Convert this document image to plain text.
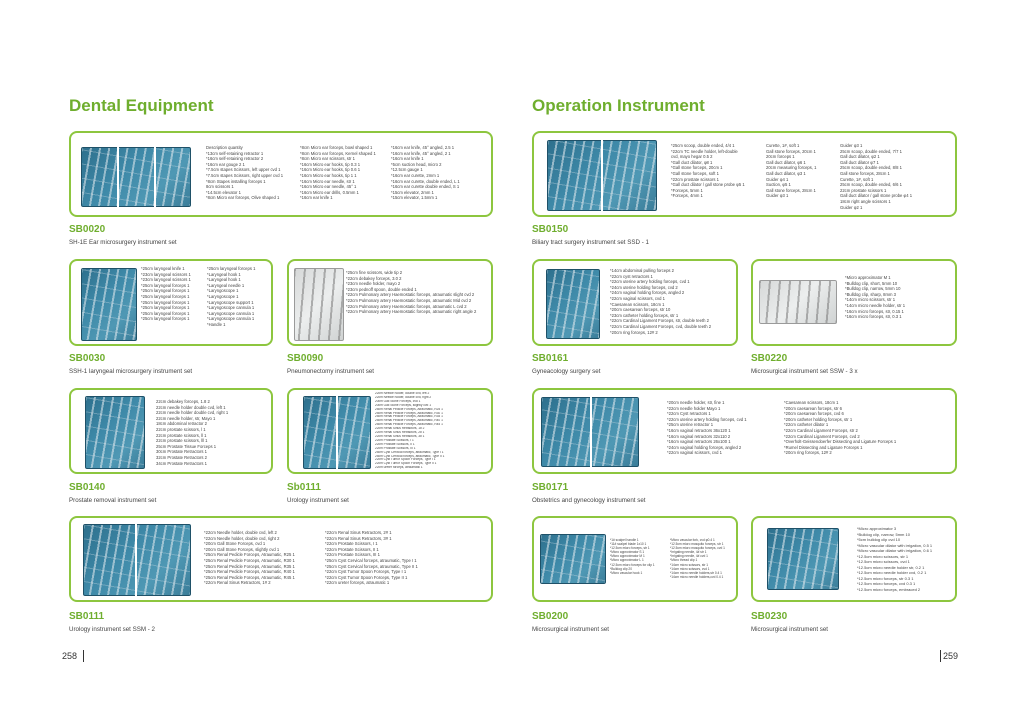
Dental Equipment
Description quantity
*13cm self-retaining retractor 1
*16cm self-retaining retractor 2
*16cm ear gouge 2 1
*7.5cm stapes Scissors, left upper cvd 1
*7.5cm stapes Scissors, right upper cvd 1
*8cm Stapes installing forceps 1
8cm scissors 1
*14.5cm elevator 1
*8cm Micro ear forceps, Olive shaped 1
*8cm Micro ear forceps, bowl shaped 1
*8cm Micro ear forceps, Kernel shaped 1
*8cm Micro ear scissors, str 1
*16cm Micro ear hooks, tip 0.3 1
*16cm Micro ear hooks, tip 0.6 1
*16cm Micro ear hooks, tip 1 1
*16cm Micro ear needle, str 1
*16cm Micro ear needle, 45° 1
*16cm Micro ear drills, 0.5mm 1
*16cm ear knife 1
*16cm ear knife, 45° angled, 2.5 1
*16cm ear knife, 45° angled, 2 1
*16cm ear knife 1
*5cm suction head, micro 2
*12.5cm gauge 1
*16cm ear curette, 2mm 1
*16cm ear curette, double ended, L 1
*16cm ear curette double ended, S 1
*15cm elevator, 2mm 1
*15cm elevator, 1.5mm 1
SB0020
SH-1E Ear microsurgery instrument set
*25cm laryngeal knife 1
*23cm laryngeal scissors 1
*23cm laryngeal scissors 1
*25cm laryngeal forceps 1
*25cm laryngeal forceps 1
*25cm laryngeal forceps 1
*25cm laryngeal forceps 1
*25cm laryngeal forceps 1
*25cm laryngeal forceps 1
*25cm laryngeal forceps 1
*25cm laryngeal forceps 1
*Laryngeal hook 1
*Laryngeal hook 1
*Laryngeal needle 1
*Laryngoscope 1
*Laryngoscope 1
*Laryngoscope support 1
*Laryngoscope cannula 1
*Laryngoscope cannula 1
*Laryngoscope cannula 1
*Handle 1
SB0030
SSH-1 laryngeal microsurgery instrument set
*25cm fine scissors, wide tip 2
*22cm debakey forceps, 3.0 2
*23cm needle holder, mayo 2
*23cm pednoff spoon, double ended 1
*22cm Pulmonary artery Haemostatic forceps, atraumatic slight cvd 2
*22cm Pulmonary artery Haemostatic forceps, atraumatic Mid cvd 2
*22cm Pulmonary artery Haemostatic forceps, atraumatic L cvd 2
*22cm Pulmonary artery Haemostatic forceps, atraumatic right angle 2
SB0090
Pneumonectomy instrument set
22cm debakey forceps, 1.8 2
22cm needle holder double cvd, left 1
22cm needle holder double cvd, right 1
22cm needle holder, str, Mayo 1
18cm abdominal retractor 2
22cm prostate scissors, l 1
22cm prostate scissors, ll 1
22cm prostate scissors, lll 1
25cm Prostate Tissue Forceps 1
30cm Prostate Retractors 1
32cm Prostate Retractors 2
34cm Prostate Retractors 1
SB0140
Prostate removal instrument set
22cm Needle holder, double cvd, left 2
22cm Needle holder, double cvd, right 2
20cm Gall Stone Forceps, cvd 1
20cm Gall Stone Forceps, slightly cvd 1
25cm Renal Pedicle Forceps, Atraumatic, R25 1
25cm Renal Pedicle Forceps, Atraumatic, R30 1
25cm Renal Pedicle Forceps, Atraumatic, R35 1
25cm Renal Pedicle Forceps, Atraumatic, R40 1
25cm Renal Pedicle Forceps, Atraumatic, R45 1
22cm Renal Sinus Retractors, 1# 2
22cm Renal Sinus Retractors, 2# 1
22cm Renal Sinus Retractors, 3# 1
22cm Prostate Scissors, I 1
22cm Prostate Scissors, II 1
22cm Prostate Scissors, III 1
25cm Cyst Cervical forceps, atraumatic, Type I 1
25cm Cyst Cervical forceps, atraumatic, Type II 1
22cm Cyst Tumor Spoon Forceps, Type I 1
22cm Cyst Tumor Spoon Forceps, Type II 1
22cm ureter forceps, atraumatic 1
Sb0111
Urology instrument set
*22cm Needle holder, double cvd, left 2
*22cm Needle holder, double cvd, right 2
*20cm Gall Stone Forceps, cvd 1
*20cm Gall Stone Forceps, slightly cvd 1
*25cm Renal Pedicle Forceps, Atraumatic, R25 1
*25cm Renal Pedicle Forceps, Atraumatic, R30 1
*25cm Renal Pedicle Forceps, Atraumatic, R35 1
*25cm Renal Pedicle Forceps, Atraumatic, R40 1
*25cm Renal Pedicle Forceps, Atraumatic, R45 1
*22cm Renal Sinus Retractors, 1# 2
*22cm Renal Sinus Retractors, 2# 1
*22cm Renal Sinus Retractors, 3# 1
*22cm Prostate Scissors, I 1
*22cm Prostate Scissors, II 1
*22cm Prostate Scissors, III 1
*25cm Cyst Cervical forceps, atraumatic, Type I 1
*25cm Cyst Cervical forceps, atraumatic, Type II 1
*22cm Cyst Tumor Spoon Forceps, Type I 1
*22cm Cyst Tumor Spoon Forceps, Type II 1
*22cm ureter forceps, atraumatic 1
SB0111
Urology instrument set SSM - 2
258
Operation Instrument
*25cm scoop, double ended, 4/4 1
*22cm TC needle holder, left-double
cvd, mayo hegar 0.5 2
*Gall duct dilator, φ8 1
*Gall stone forceps, 20cm 1
*Gall stone forceps, soft 1
*22cm prostate scissors 1
*Gall duct dilator / gall stone probe φ5 1
*Forceps, 5mm 1
*Forceps, 4mm 1
Curette, 1#, soft 1
Gall stone forceps, 20cm 1
20cm forceps 1
Gall duct dilator, φ6 1
20cm measuring forceps, 1
Gall duct dilator, φ3 1
Guider φ4 1
Suction, φ5 1
Gall stone forceps, 28cm 1
Guider φ3 1
Guider φ3 1
25cm scoop, double ended, 7/7 1
Gall duct dilator, φ2 1
Gall duct dilator φ7 1
25cm scoop, double ended, 8/8 1
Gall stone forceps, 28cm 1
Curette, 1#, soft 1
25cm scoop, double ended, 6/6 1
22cm prostate scissors 1
Gall duct dilator / gall stone probe φ4 1
18cm right angle scissors 1
Guider φ2 1
SB0150
Biliary tract surgery instrument set SSD - 1
*14cm abdominal pulling forceps 2
*22cm cyst retractors 1
*22cm uterine artery holding forceps, cvd 1
*24cm uterine holding forceps, cvd 2
*24cm vaginal holding forceps, angled 2
*22cm vaginal scissors, cvd 1
*Caesarean scissors, 18cm 1
*20cm caesarean forceps, str 10
*23cm catheter holding forceps, str 1
*22cm Cardinal Ligament Forceps, str, double teeth 2
*22cm Cardinal Ligament Forceps, cvd, double teeth 2
*20cm ring forceps, 12# 2
SB0161
Gyneacology surgery set
*Micro approximator M 1
*Bulldog clip, short, 5mm 10
*Bulldog clip, narrow, 5mm 10
*Bulldog clip, sharp, 8mm 3
*14cm micro scissors, str 1
*14cm micro needle holder, str 1
*16cm micro forceps, str, 0.15 1
*16cm micro forceps, str, 0.3 1
SB0220
Microsurgical instrument set SSW - 3 x
*20cm needle holder, str, fine 1
*22cm needle holder Mayo 1
*22cm Cyst retractors 1
*22cm uterine artery holding forceps, cvd 1
*25cm uterine retractor 1
*16cm vaginal retractors 36x120 1
*16cm vaginal retractors 32x110 2
*16cm vaginal retractors 26x100 1
*24cm vaginal holding forceps, angled 2
*22cm vaginal scissors, cvd 1
*Caesarean scissors, 18cm 1
*20cm caesarean forceps, str 6
*20cm caesarean forceps, cvd 6
*20cm catheter holding forceps, str 1
*22cm catheter dilator 1
*22cm Cardinal Ligament Forceps, str 2
*22cm Cardinal Ligament Forceps, cvd 2
*Overholt-Geissendoerfer Dissecting and Ligature Forceps 1
*Rumel Dissecting and Ligature Forceps 1
*20cm ring forceps, 12# 2
SB0171
Obstetrics and gynecology instrument set
*1# scalpel handle 1
*11# scalpel blade 1x10 1
*12.5cm micro forceps, str 1
*Micro approximator S 1
*Micro approximator M 1
*Micro approximator L 1
*12.5cm micro forceps for clip 1
*Bulldog clip 20
*Micro vascular hook 1
*Micro vascular fork, cvd φ0.4 1
*12.5cm micro mosquito forceps, str 1
*12.5cm micro mosquito forceps, cvd 1
*Irrigating needle, 4# str 1
*Irrigating needle, 4# cvd 1
*Micro thread clip 1
*14cm micro scissors, str 1
*14cm micro scissors, cvd 1
*14cm micro needle holders,str 0.4 1
*14cm micro needle holders,cvd 0.4 1
SB0200
Microsurgical instrument set
*Micro approximator 3
*Bulldog clip, narrow, 5mm 10
*5cm bulldog clip cvd 10
*Micro vascular dilator with irrigation, 0.5 1
*Micro vascular dilator with irrigation, 0.6 1
*12.5cm micro scissors, str 1
*12.5cm micro scissors, cvd 1
*12.5cm micro needle holder str, 0.2 1
*12.5cm micro needle holder cvd, 0.2 1
*12.5cm micro forceps, str 0.3 1
*12.5cm micro forceps, cvd 0.3 1
*12.5cm micro forceps, embraced 2
SB0230
Microsurgical instrument set
259
